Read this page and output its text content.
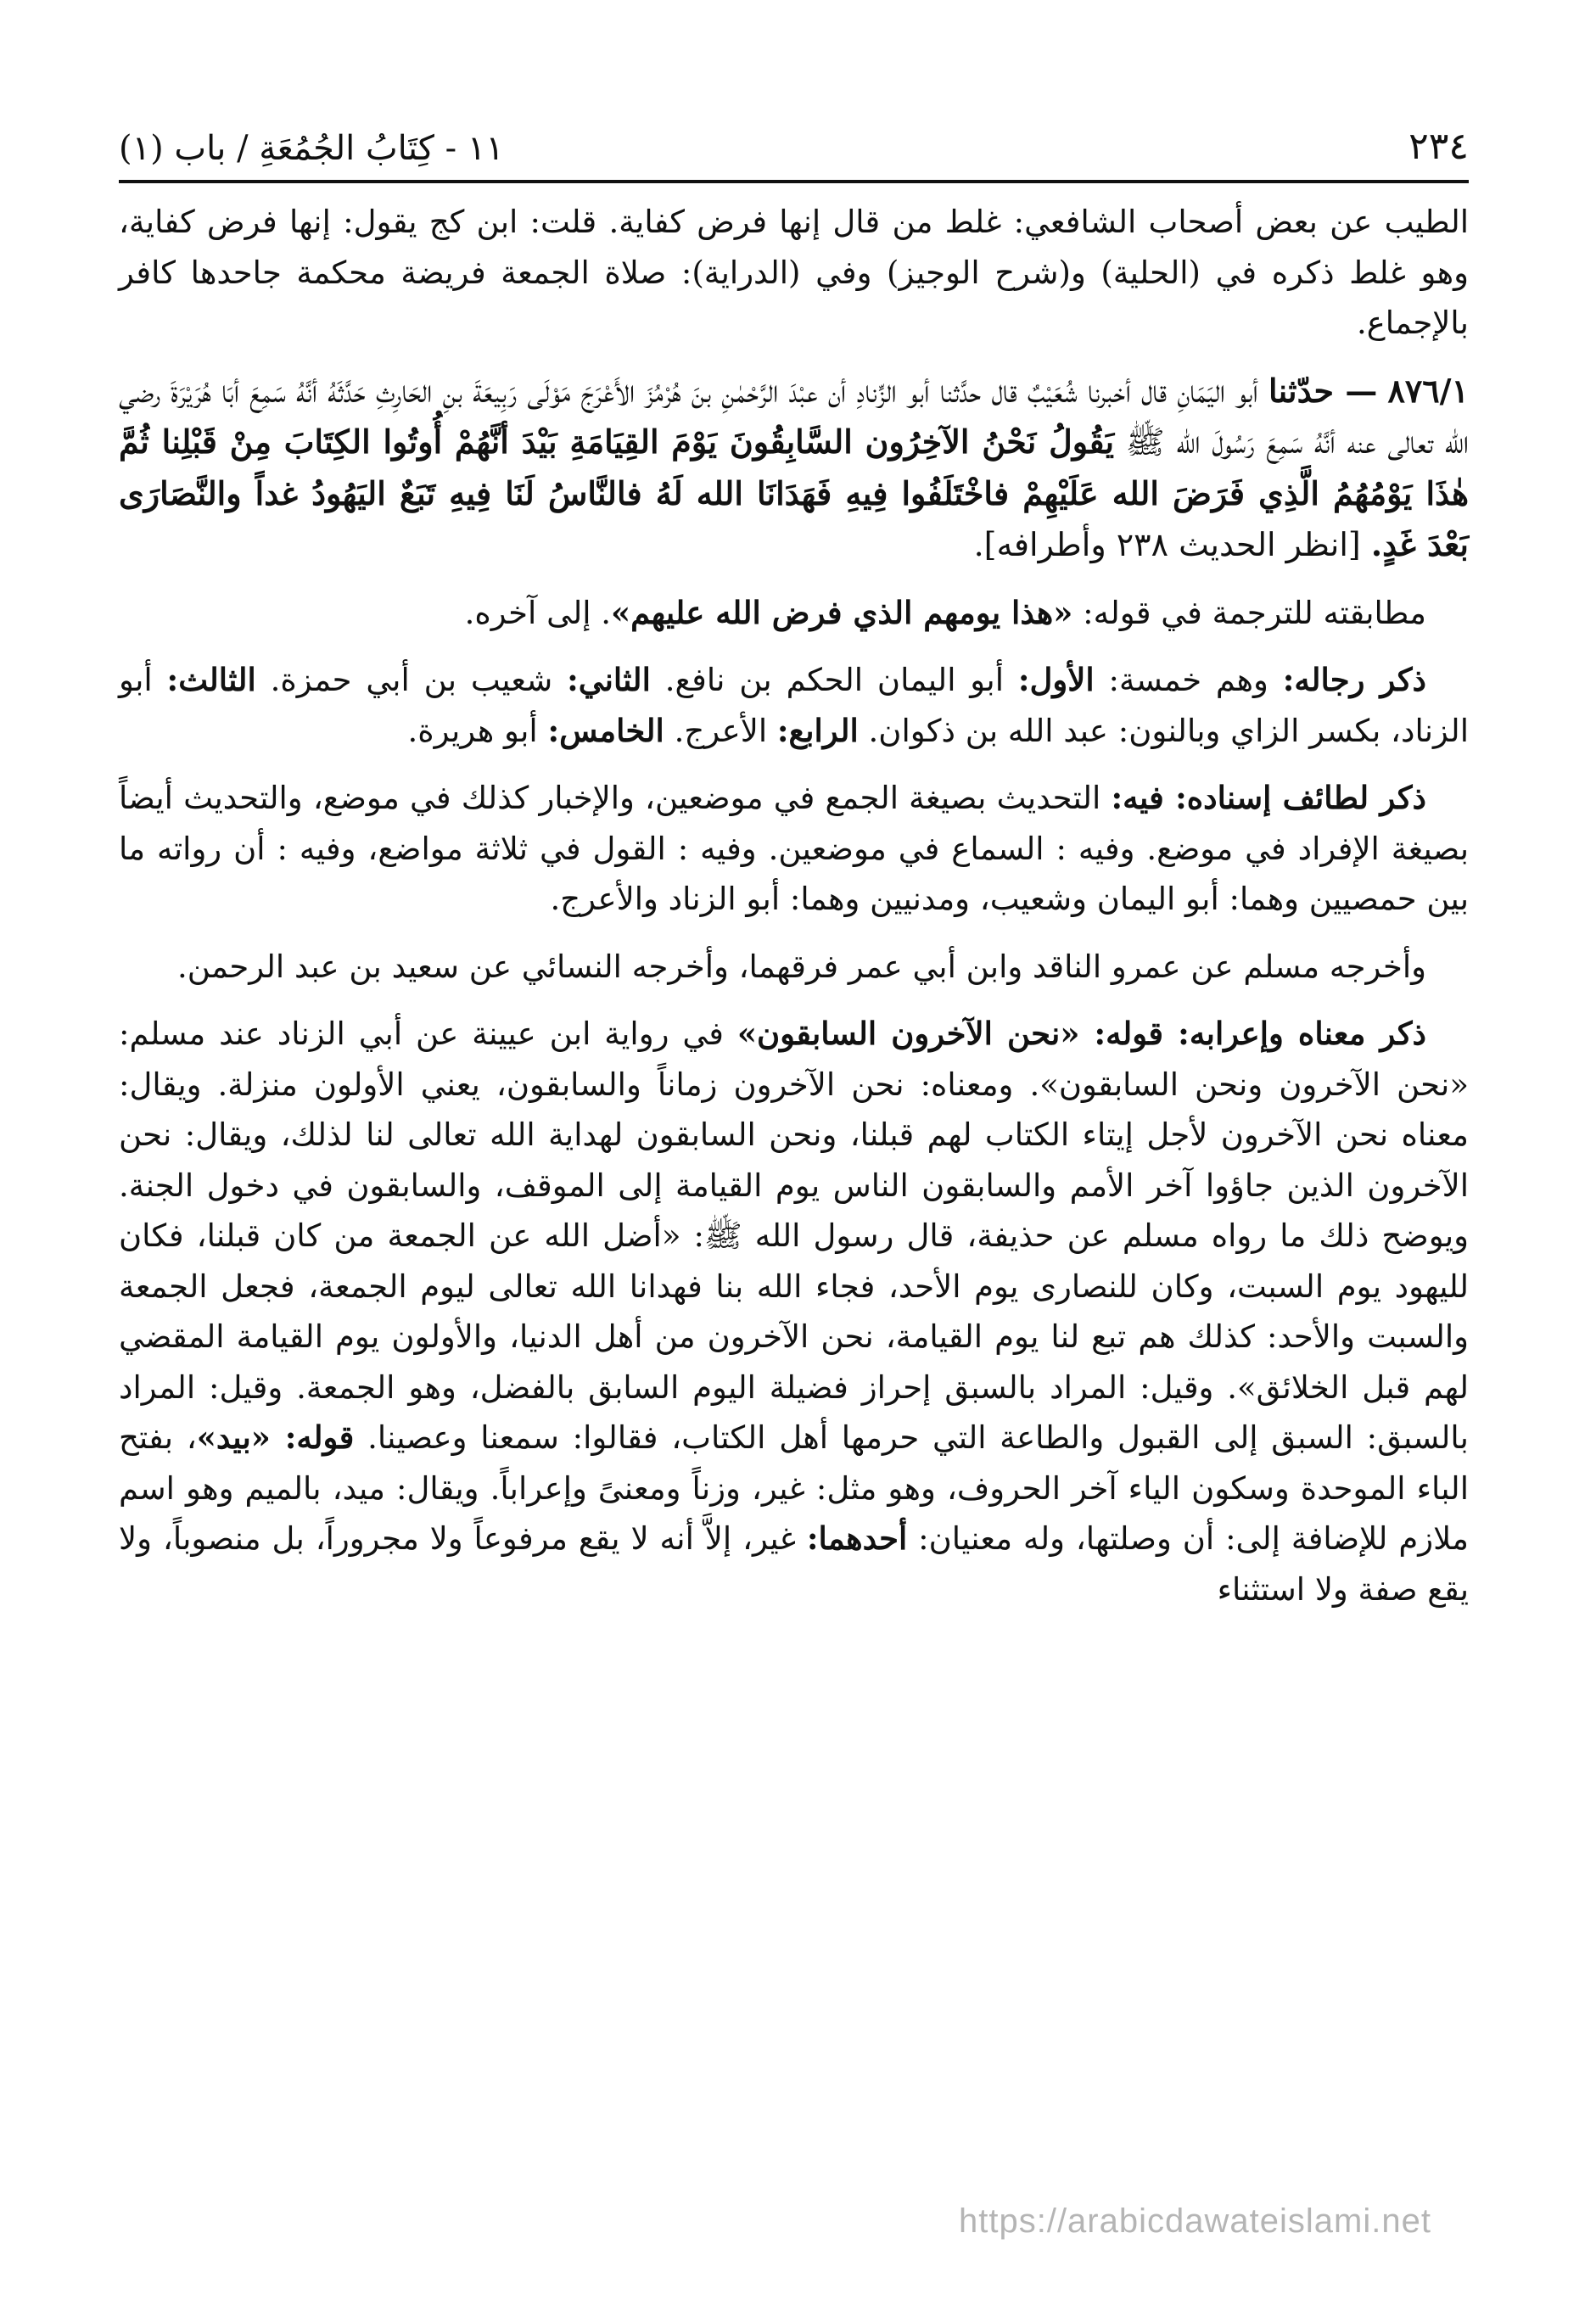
٢٣٤
١١ - كِتَابُ الجُمُعَةِ / باب (١)

الطيب عن بعض أصحاب الشافعي: غلط من قال إنها فرض كفاية. قلت: ابن كج يقول: إنها فرض كفاية، وهو غلط ذكره في (الحلية) و(شرح الوجيز) وفي (الدراية): صلاة الجمعة فريضة محكمة جاحدها كافر بالإجماع.

٨٧٦/١ — حدّثنا أبو اليَمَانِ قال أخبرنا شُعَيْبٌ قال حدَّثنا أبو الزِّنادِ أن عبْدَ الرَّحْمٰنِ بنَ هُرْمُزَ الأَعْرَجَ مَوْلَى رَبِيعَةَ بنِ الحَارِثِ حَدَّثَهُ أنَّهُ سَمِعَ أبَا هُرَيْرَةَ رضي الله تعالى عنه أنَّهُ سَمِعَ رَسُولَ الله ﷺ يَقُولُ نَحْنُ الآخِرُون السَّابِقُونَ يَوْمَ القِيَامَةِ بَيْدَ أنَّهُمْ أُوتُوا الكِتَابَ مِنْ قَبْلِنا ثُمَّ هٰذَا يَوْمُهُمُ الَّذِي فَرَضَ الله عَلَيْهِمْ فاخْتَلَفُوا فِيهِ فَهَدَانَا الله لَهُ فالنَّاسُ لَنَا فِيهِ تَبَعٌ اليَهُودُ غداً والنَّصَارَى بَعْدَ غَدٍ. [انظر الحديث ٢٣٨ وأطرافه].

مطابقته للترجمة في قوله: «هذا يومهم الذي فرض الله عليهم». إلى آخره.

ذكر رجاله: وهم خمسة: الأول: أبو اليمان الحكم بن نافع. الثاني: شعيب بن أبي حمزة. الثالث: أبو الزناد، بكسر الزاي وبالنون: عبد الله بن ذكوان. الرابع: الأعرج. الخامس: أبو هريرة.

ذكر لطائف إسناده: فيه: التحديث بصيغة الجمع في موضعين، والإخبار كذلك في موضع، والتحديث أيضاً بصيغة الإفراد في موضع. وفيه : السماع في موضعين. وفيه : القول في ثلاثة مواضع، وفيه : أن رواته ما بين حمصيين وهما: أبو اليمان وشعيب، ومدنيين وهما: أبو الزناد والأعرج.

وأخرجه مسلم عن عمرو الناقد وابن أبي عمر فرقهما، وأخرجه النسائي عن سعيد بن عبد الرحمن.

ذكر معناه وإعرابه: قوله: «نحن الآخرون السابقون» في رواية ابن عيينة عن أبي الزناد عند مسلم: «نحن الآخرون ونحن السابقون». ومعناه: نحن الآخرون زماناً والسابقون، يعني الأولون منزلة. ويقال: معناه نحن الآخرون لأجل إيتاء الكتاب لهم قبلنا، ونحن السابقون لهداية الله تعالى لنا لذلك، ويقال: نحن الآخرون الذين جاؤوا آخر الأمم والسابقون الناس يوم القيامة إلى الموقف، والسابقون في دخول الجنة. ويوضح ذلك ما رواه مسلم عن حذيفة، قال رسول الله ﷺ: «أضل الله عن الجمعة من كان قبلنا، فكان لليهود يوم السبت، وكان للنصارى يوم الأحد، فجاء الله بنا فهدانا الله تعالى ليوم الجمعة، فجعل الجمعة والسبت والأحد: كذلك هم تبع لنا يوم القيامة، نحن الآخرون من أهل الدنيا، والأولون يوم القيامة المقضي لهم قبل الخلائق». وقيل: المراد بالسبق إحراز فضيلة اليوم السابق بالفضل، وهو الجمعة. وقيل: المراد بالسبق: السبق إلى القبول والطاعة التي حرمها أهل الكتاب، فقالوا: سمعنا وعصينا. قوله: «بيد»، بفتح الباء الموحدة وسكون الياء آخر الحروف، وهو مثل: غير، وزناً ومعنىً وإعراباً. ويقال: ميد، بالميم وهو اسم ملازم للإضافة إلى: أن وصلتها، وله معنيان: أحدهما: غير، إلاَّ أنه لا يقع مرفوعاً ولا مجروراً، بل منصوباً، ولا يقع صفة ولا استثناء

https://arabicdawateislami.net
